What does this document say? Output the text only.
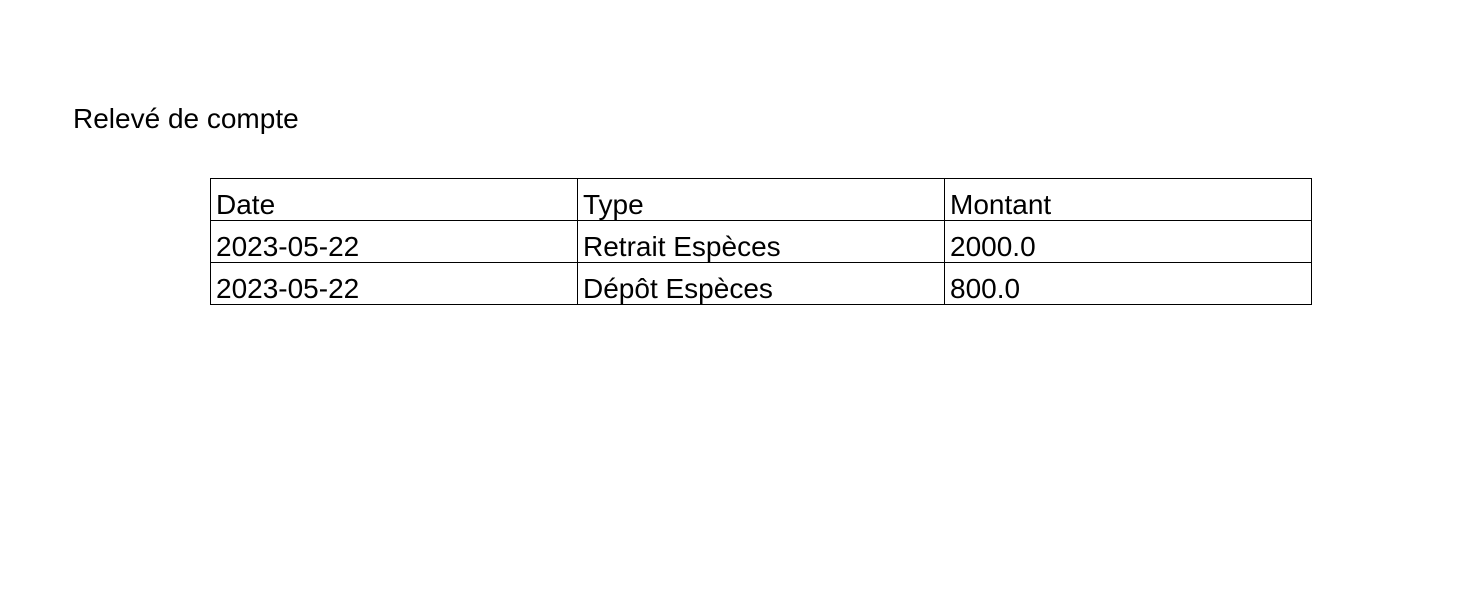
Relevé de compte
Date	Type	Montant
2023-05-22	Retrait Espèces	2000.0
2023-05-22	Dépôt Espèces	800.0
